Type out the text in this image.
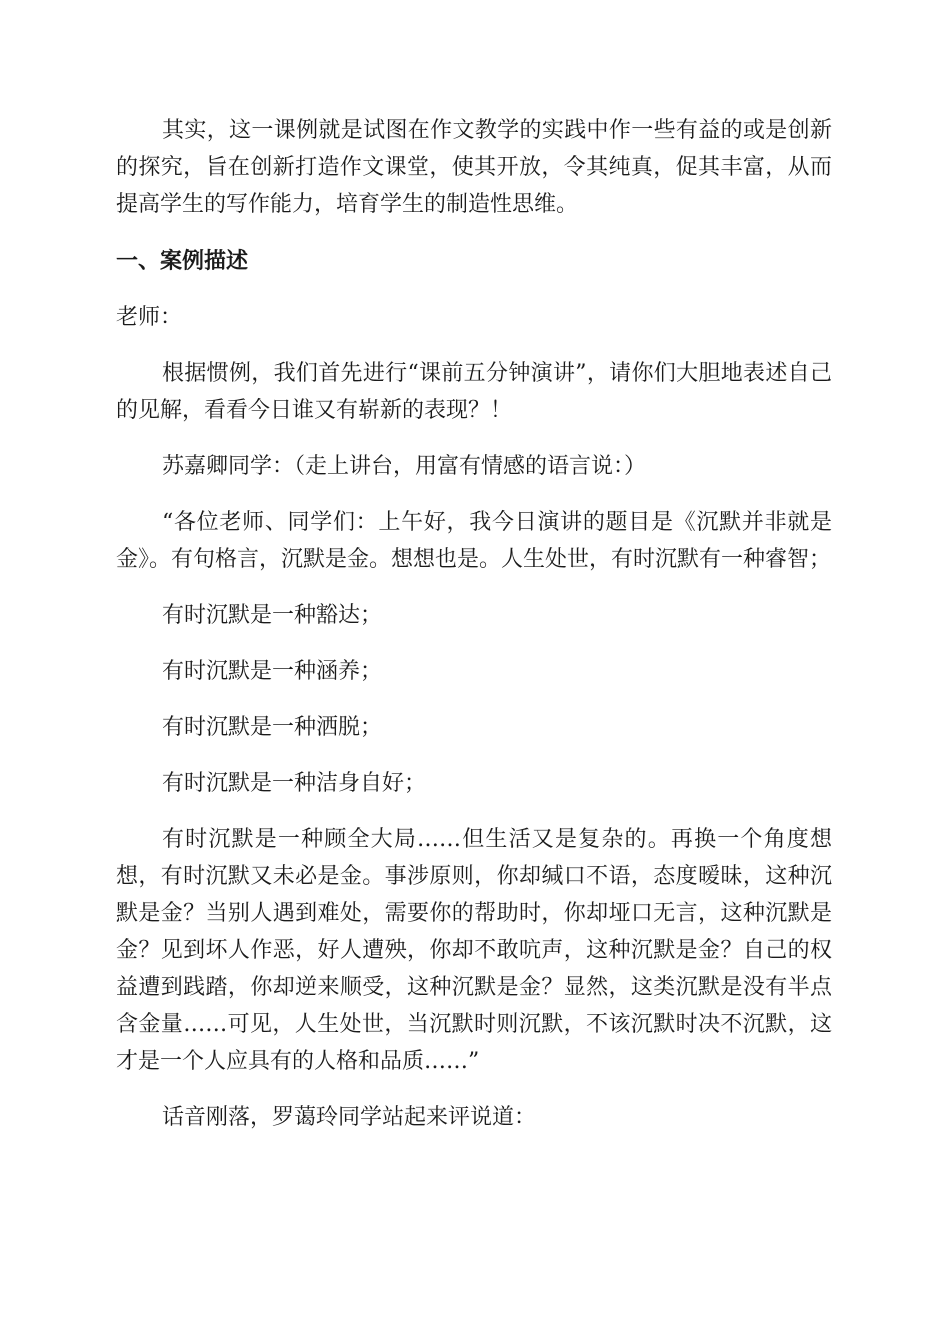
其实，这一课例就是试图在作文教学的实践中作一些有益的或是创新的探究，旨在创新打造作文课堂，使其开放，令其纯真，促其丰富，从而提高学生的写作能力，培育学生的制造性思维。

一、案例描述

老师：

根据惯例，我们首先进行“课前五分钟演讲”，请你们大胆地表述自己的见解，看看今日谁又有崭新的表现？！

苏嘉卿同学：（走上讲台，用富有情感的语言说：）

“各位老师、同学们：上午好，我今日演讲的题目是《沉默并非就是金》。有句格言，沉默是金。想想也是。人生处世，有时沉默有一种睿智；

有时沉默是一种豁达；

有时沉默是一种涵养；

有时沉默是一种洒脱；

有时沉默是一种洁身自好；

有时沉默是一种顾全大局……但生活又是复杂的。再换一个角度想想，有时沉默又未必是金。事涉原则，你却缄口不语，态度暧昧，这种沉默是金？当别人遇到难处，需要你的帮助时，你却垭口无言，这种沉默是金？见到坏人作恶，好人遭殃，你却不敢吭声，这种沉默是金？自己的权益遭到践踏，你却逆来顺受，这种沉默是金？显然，这类沉默是没有半点含金量……可见，人生处世，当沉默时则沉默，不该沉默时决不沉默，这才是一个人应具有的人格和品质……”

话音刚落，罗蔼玲同学站起来评说道：
